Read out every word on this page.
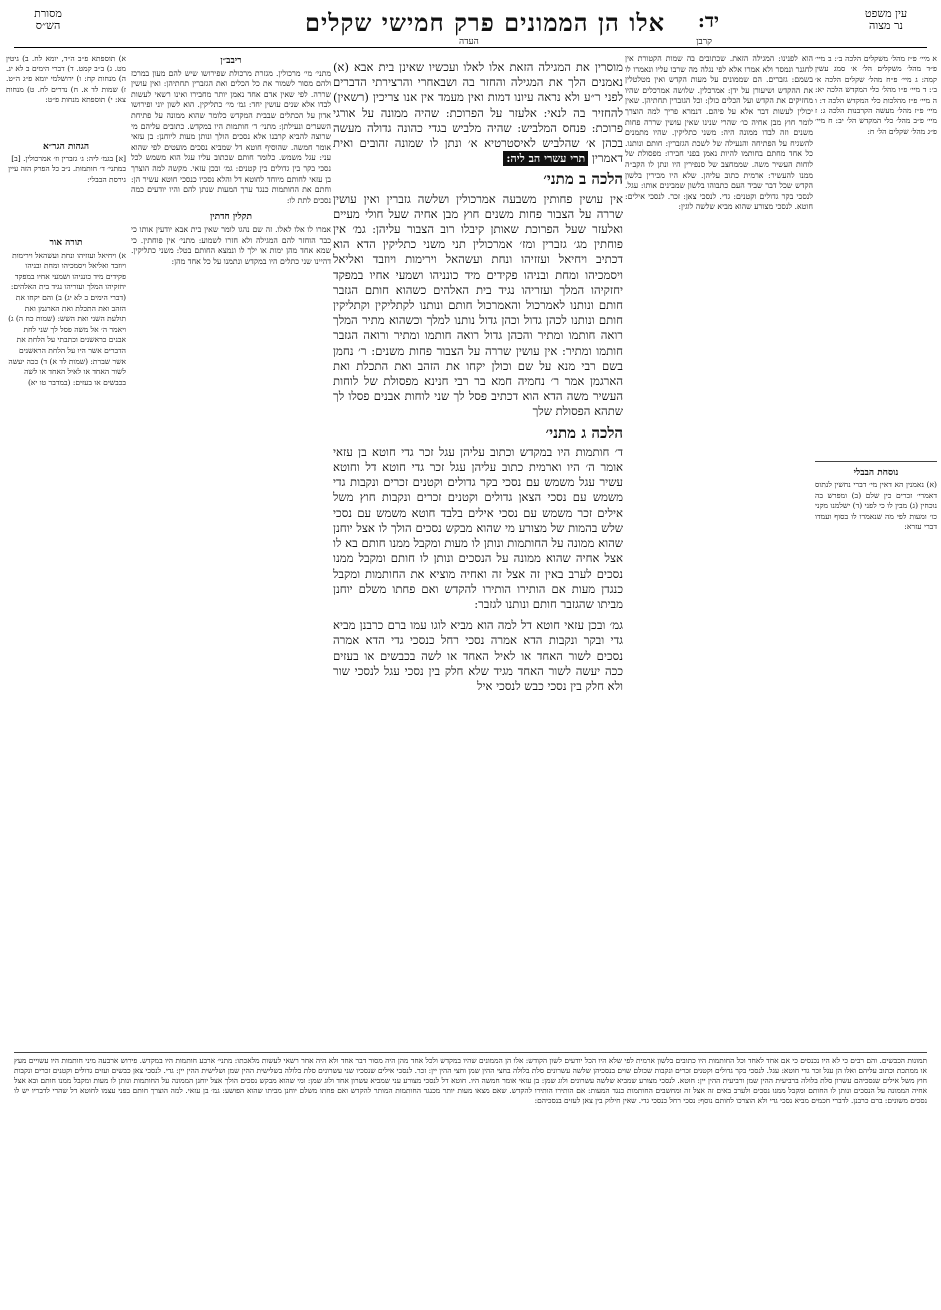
עין משפט
נר מצוה
יד:
אלו הן הממונים פרק חמישי שקלים
קרבן
העדה
מסורת
הש״ס
א מיי׳ פ״ז מהל׳ משקלים הלכה ב׳: ב מיי׳ פ״ד מהל׳ משקלים הל׳ א׳ סמג עשין קמה: ג מיי׳ פ״ח מהל׳ שקלים הלכה א׳ ב׳: ד מיי׳ פ״ו מהל׳ כלי המקדש הלכה יא: ה מיי׳ פ״ז מהלכות כלי המקדש הלכה ד: ו מיי׳ פ״ז מהל׳ מעשה הקרבנות הלכה ג: ז מיי׳ פ״ב מהל׳ כלי המקדש הל׳ יב: ח מיי׳ פ״ג מהל׳ שקלים הל׳ ח:
נוסחת הבבלי
(א) נאמנין הא דאין מי׳ דברי נחשין לנתוס דאמרי׳ זכרים כין שלם (ב) ומפרש בה נוכחין (ג) מבין לו כי לפני (ד) ישלמנו מקני כו׳ ומעות לפי מה שנאמרו לו בסוף ועמדו דברי עזרא:
הוא לפנינו: המגילה הזאת. שכתובים בה שמות הקטורת אין לחגנר ונמסר ולא אמרו אלא לפי נגלה מה שרבו עליו ונאמרו לו בשמם: גזברים. הם שממונים על מעות הקדש ואין מטלטלין את ההקדש ושיעורן על ידן: אמרכלין. שלושה אמרכלים שהיו מחזיקים את הקדש ועל הכלים כולן: וכל הגזברין תחתיהן. שאין יכולין לעשות דבר אלא על פיהם. דנמרא פריך למה הוצרך לומר חוץ מבן אחיה כו׳ שהרי שנינו שאין עושין שררה פחות משנים וזה לבדו ממונה היה: משני כתליקין. שהיו מתמנים להשגיח על הפתיחה והנעילה של לשכת הגזברין: חותם ונותנו. כל אחד מחתם בחותמו להיות נאמן בפני חבירו: מפסולת של לוחות העשיר משה. שממחצב של סנפירין היו ונתן לו הקב״ה ממנו להעשיר: ארמית כתוב עליהן. שלא היו מכירין בלשון הקדש שכל דבר שביד העם כתבוהו בלשון שמבינים אותו: עגל. לנסכי בקר גדולים וקטנים: גדי. לנסכי צאן: זכר. לנסכי אילים: חוטא. לנסכי מצורע שהוא מביא שלשה לוגין:
מוסרין את המגילה הזאת אלו לאלו ועכשיו שאינן בית אבא (א) נאמנים הלך את המגילה והחזר בה ושבאחרי והרצירתי הדברים לפני ר״ע ולא נראה עיונו דמות ואין מעמד אין אנו צריכין (רשאין) להחזיר בה לנאי: אלעזר על הפרוכת: שהיה ממונה על אורגי פרוכת: פנחס המלביש: שהיה מלביש בגדי כהונה גדולה מעשה בכהן א׳ שהלביש לאיסטרטיא א׳ ונתן לו שמונה זהובים ואית דאמרין תרי עשרי הב ליה:
הלכה ב מתני׳
אין עושין פחותין משבעה אמרכולין ושלשה גזברין ואין עושין שררה על הצבור פחות משנים חוץ מבן אחיה שעל חולי מעיים ואלעזר שעל הפרוכת שאותן קיבלו רוב הצבור עליהן: גמ׳ אין פוחתין מג׳ גזברין ומז׳ אמרכולין תני משני כתליקין הדא הוא דכתיב ויחיאל ועזזיהו ונחת ועשהאל וירימות ויוזבד ואליאל ויסמכיהו ומחת ובניהו פקידים מיד כונניהו ושמעי אחיו במפקד יחזקיהו המלך ועזריהו נגיד בית האלהים כשהוא חותם הגזבר חותם ונותנו לאמרכול והאמרכול חותם ונותנו לקתליקין וקתליקין חותם ונותנו לכהן גדול וכהן גדול נותנו למלך וכשהוא מתיר המלך רואה חותמו ומתיר והכהן גדול רואה חותמו ומתיר ורואה הגזבר חותמו ומתיר: אין עושין שררה על הצבור פחות משנים: ר׳ נחמן בשם רבי מנא על שם וכולן יקחו את הזהב ואת התכלת ואת הארגמן אמר ר׳ נחמיה חמא בר רבי חנינא מפסולת של לוחות העשיר משה הדא הוא דכתיב פסל לך שני לוחות אבנים פסלו לך שתהא הפסולת שלך
הלכה ג מתני׳
ד׳ חותמות היו במקדש וכתוב עליהן עגל זכר גדי חוטא בן עזאי אומר ה׳ היו וארמית כתוב עליהן עגל זכר גדי חוטא דל וחוטא עשיר עגל משמש עם נסכי בקר גדולים וקטנים זכרים ונקבות גדי משמש עם נסכי הצאן גדולים וקטנים זכרים ונקבות חוץ משל אילים זכר משמש עם נסכי אילים בלבד חוטא משמש עם נסכי שלש בהמות של מצורע מי שהוא מבקש נסכים הולך לו אצל יוחנן שהוא ממונה על החותמות ונותן לו מעות ומקבל ממנו חותם בא לו אצל אחיה שהוא ממונה על הנסכים ונותן לו חותם ומקבל ממנו נסכים לערב באין זה אצל זה ואחיה מוציא את החותמות ומקבל כנגדן מעות אם הותירו הותירו להקדש ואם פחתו משלם יוחנן מביתו שהגזבר חותם ונותנו לגזבר:
גמ׳ ובכן עזאי חוטא דל למה הוא מביא לוגו עמו ברם כרבנן מביא גדי ובקר ונקבות הדא אמרה נסכי רחל כנסכי גדי הדא אמרה נסכים לשור האחד או לאיל האחד או לשה בכבשים או בעזים ככה יעשה לשור האחד מגיד שלא חלק בין נסכי עגל לנסכי שור ולא חלק בין נסכי כבש לנסכי איל
ריבב״ן
מתני׳ מי׳ מרכולין. מגזרת מרכולת שפירושו שיש להם מעון במרכז ולהם מסור לשמור את כל הכלים ואת הגזברין תחתיהן: ואין עושין שררה. לפי שאין אדם אחד נאמן יותר מחבירו ואינו רשאי לעשות לבדו אלא שנים עושין יחד: גמ׳ מי׳ כתליקין. הוא לשון יוני ופירושו אדון על הכתלים שבבית המקדש כלומר שהוא ממונה על פתיחת השערים ונעילתן: מתני׳ ד׳ חותמות היו במקדש. כתובים עליהם מי שרוצה להביא קרבנו אלא נסכים הולך ונותן מעות ליוחנן: בן עזאי אומר חמשה. שהוסיף חוטא דל שמביא נסכים מועטים לפי שהוא עני: עגל משמש. כלומר חותם שכתוב עליו עגל הוא משמש לכל נסכי בקר בין גדולים בין קטנים: גמ׳ ובכן עזאי. מקשה למה הוצרך בן עזאי לחותם מיוחד לחוטא דל והלא נסכיו כנסכי חוטא עשיר הן: וחתם את החותמות כנגד ערך המעות שנתן להם והיו יודעים כמה נסכים לתת לו:
תקלין חדתין
אמרו לו אלו לאלו. זה שם נהגו לומר שאין בית אבא יודעין אותו כי כבר הוחזר להם המגילה ולא חזרו לשמוע: מתני׳ אין פוחתין. כי שמא אחד מהן ימות או ילך לו ונמצא החותם בטל: משני כתליקין. דהיינו שני כתלים היו במקדש ונתמנו על כל אחד מהן:
א) תוספתא פ״ב ה״ד, יומא לח. ב) גיטין מט. ג) ב״ב קמט. ד) דברי הימים ב לא יג. ה) מנחות קח: ו) ירושלמי יומא פ״ג ה״ט. ז) שמות לד א. ח) נדרים לח. ט) מנחות צא: י) תוספתא מנחות פ״ט:
הגהות הגר״א
[א] בגמ׳ ליה: ג׳ גזברין וז׳ אמרכולין. [ב] במתני׳ ד׳ חותמות. נ״ב כל הפרק הזה עיין גירסת הבבלי:
תורה אור
א) ויחיאל ועזזיהו ונחת ועשהאל וירימות ויוזבד ואליאל ויסמכיהו ומחת ובניהו פקידים מיד כונניהו ושמעי אחיו במפקד יחזקיהו המלך ועזריהו נגיד בית האלהים: (דברי הימים ב לא יג) ב) והם יקחו את הזהב ואת התכלת ואת הארגמן ואת תולעת השני ואת השש: (שמות כח ה) ג) ויאמר ה׳ אל משה פסל לך שני לחת אבנים כראשנים וכתבתי על הלחת את הדברים אשר היו על הלחת הראשנים אשר שברת: (שמות לד א) ד) ככה יעשה לשור האחד או לאיל האחד או לשה בכבשים או בעזים: (במדבר טו יא)
תמונות הכבשים. והם רבים כי לא היו נכנסים כי אם אחד לאחד וכל החותמות היו כתובים בלשון ארמית לפי שלא היו הכל יודעים לשון הקודש: אלו הן הממונים שהיו במקדש ולכל אחד מהן היה מסור דבר אחד ולא היה אחר רשאי לעשות מלאכתו: מתני׳ ארבע חותמות היו במקדש. פירוש ארבעה מיני חותמות היו עשויים מעץ או ממתכת וכתוב עליהם ואלו הן עגל זכר גדי חוטא: עגל. לנסכי בקר גדולים וקטנים זכרים ונקבות שכולם שוים בנסכיהן שלשה עשרונים סלת בלולה בחצי ההין שמן וחצי ההין יין: זכר. לנסכי אילים שנסכיו שני עשרונים סלת בלולה בשלישית ההין שמן ושלישית ההין יין: גדי. לנסכי צאן כבשים ועזים גדולים וקטנים זכרים ונקבות חוץ משל אילים שנסכיהם עשרון סלת בלולה ברביעית ההין שמן ורביעית ההין יין: חוטא. לנסכי מצורע שמביא שלשה עשרונים ולוג שמן: בן עזאי אומר חמשה היו. חוטא דל לנסכי מצורע עני שמביא עשרון אחד ולוג שמן: ומי שהוא מבקש נסכים הולך אצל יוחנן הממונה על החותמות ונותן לו מעות ומקבל ממנו חותם ובא אצל אחיה הממונה על הנסכים ונותן לו החותם ומקבל ממנו נסכים ולערב באים זה אצל זה ומחשבים החותמות כנגד המעות: אם הותירו הותירו להקדש. שאם מצאו מעות יותר מכנגד החותמות המותר להקדש ואם פחתו משלם יוחנן מביתו שהוא הפושע: גמ׳ בן עזאי. למה הוצרך חותם בפני עצמו לחוטא דל שהרי לדבריו יש לו נסכים משונים: ברם כרבנן. לדברי חכמים מביא נסכי גדי ולא הוצרכו לחותם נוסף: נסכי רחל כנסכי גדי. שאין חילוק בין צאן לעזים בנסכיהם:
